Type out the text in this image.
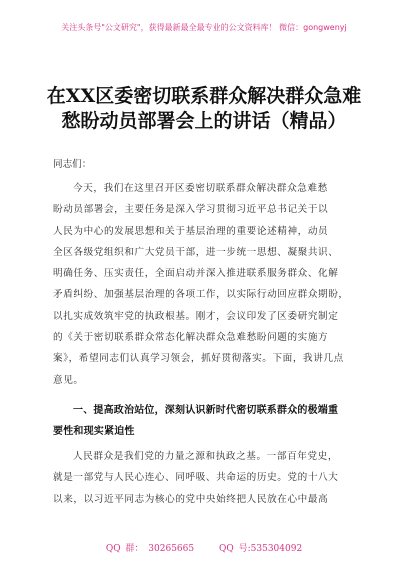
关注头条号"公文研究"，获得最新最全最专业的公文资料库！ 微信：gongwenyj
在XX区委密切联系群众解决群众急难
愁盼动员部署会上的讲话（精品）
同志们：
今天，我们在这里召开区委密切联系群众解决群众急难愁
盼动员部署会，主要任务是深入学习贯彻习近平总书记关于以
人民为中心的发展思想和关于基层治理的重要论述精神，动员
全区各级党组织和广大党员干部，进一步统一思想、凝聚共识、
明确任务、压实责任，全面启动并深入推进联系服务群众、化解
矛盾纠纷、加强基层治理的各项工作，以实际行动回应群众期盼，
以扎实成效筑牢党的执政根基。刚才，会议印发了区委研究制定
的《关于密切联系群众常态化解决群众急难愁盼问题的实施方
案》，希望同志们认真学习领会，抓好贯彻落实。下面，我讲几点
意见。
一、提高政治站位，深刻认识新时代密切联系群众的极端重
要性和现实紧迫性
人民群众是我们党的力量之源和执政之基。一部百年党史，
就是一部党与人民心连心、同呼吸、共命运的历史。党的十八大
以来，以习近平同志为核心的党中央始终把人民放在心中最高
QQ 群： 30265665	QQ 号:535304092
